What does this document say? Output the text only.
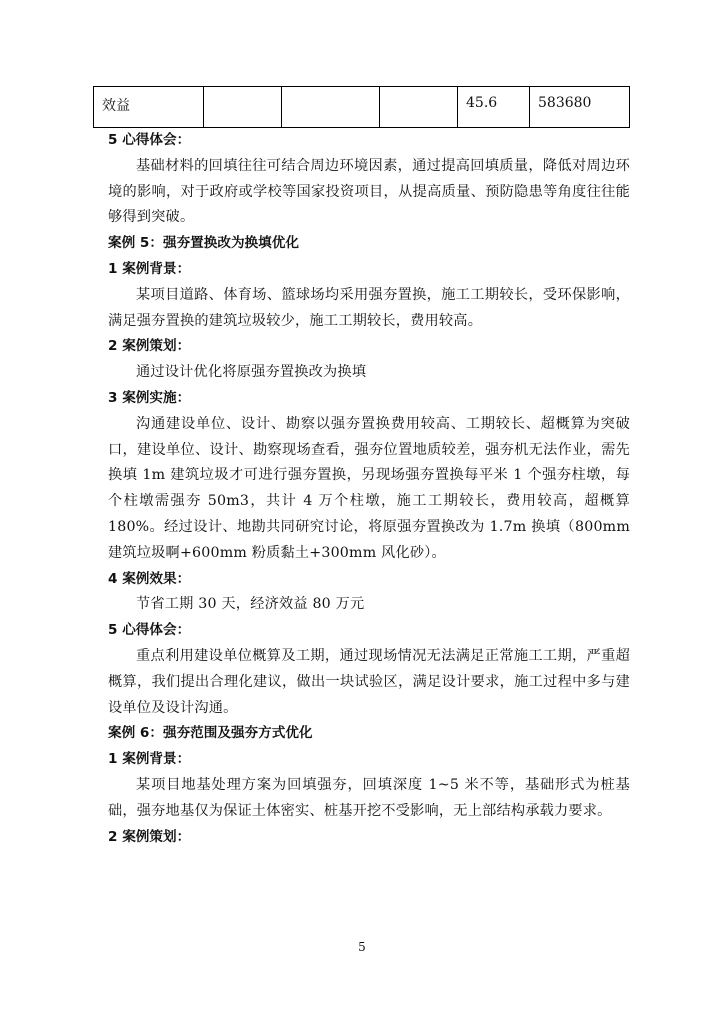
效益				45.6	583680

5 心得体会：

基础材料的回填往往可结合周边环境因素，通过提高回填质量，降低对周边环境的影响，对于政府或学校等国家投资项目，从提高质量、预防隐患等角度往往能够得到突破。

案例 5：强夯置换改为换填优化

1 案例背景：

某项目道路、体育场、篮球场均采用强夯置换，施工工期较长，受环保影响，满足强夯置换的建筑垃圾较少，施工工期较长，费用较高。

2 案例策划：

通过设计优化将原强夯置换改为换填

3 案例实施：

沟通建设单位、设计、勘察以强夯置换费用较高、工期较长、超概算为突破口，建设单位、设计、勘察现场查看，强夯位置地质较差，强夯机无法作业，需先换填 1m 建筑垃圾才可进行强夯置换，另现场强夯置换每平米 1 个强夯柱墩，每个柱墩需强夯 50m3，共计 4 万个柱墩，施工工期较长，费用较高，超概算 180%。经过设计、地勘共同研究讨论，将原强夯置换改为 1.7m 换填（800mm 建筑垃圾啊+600mm 粉质黏土+300mm 风化砂）。

4 案例效果：

节省工期 30 天，经济效益 80 万元

5 心得体会：

重点利用建设单位概算及工期，通过现场情况无法满足正常施工工期，严重超概算，我们提出合理化建议，做出一块试验区，满足设计要求，施工过程中多与建设单位及设计沟通。

案例 6：强夯范围及强夯方式优化

1 案例背景：

某项目地基处理方案为回填强夯，回填深度 1~5 米不等，基础形式为桩基础，强夯地基仅为保证土体密实、桩基开挖不受影响，无上部结构承载力要求。

2 案例策划：

5
